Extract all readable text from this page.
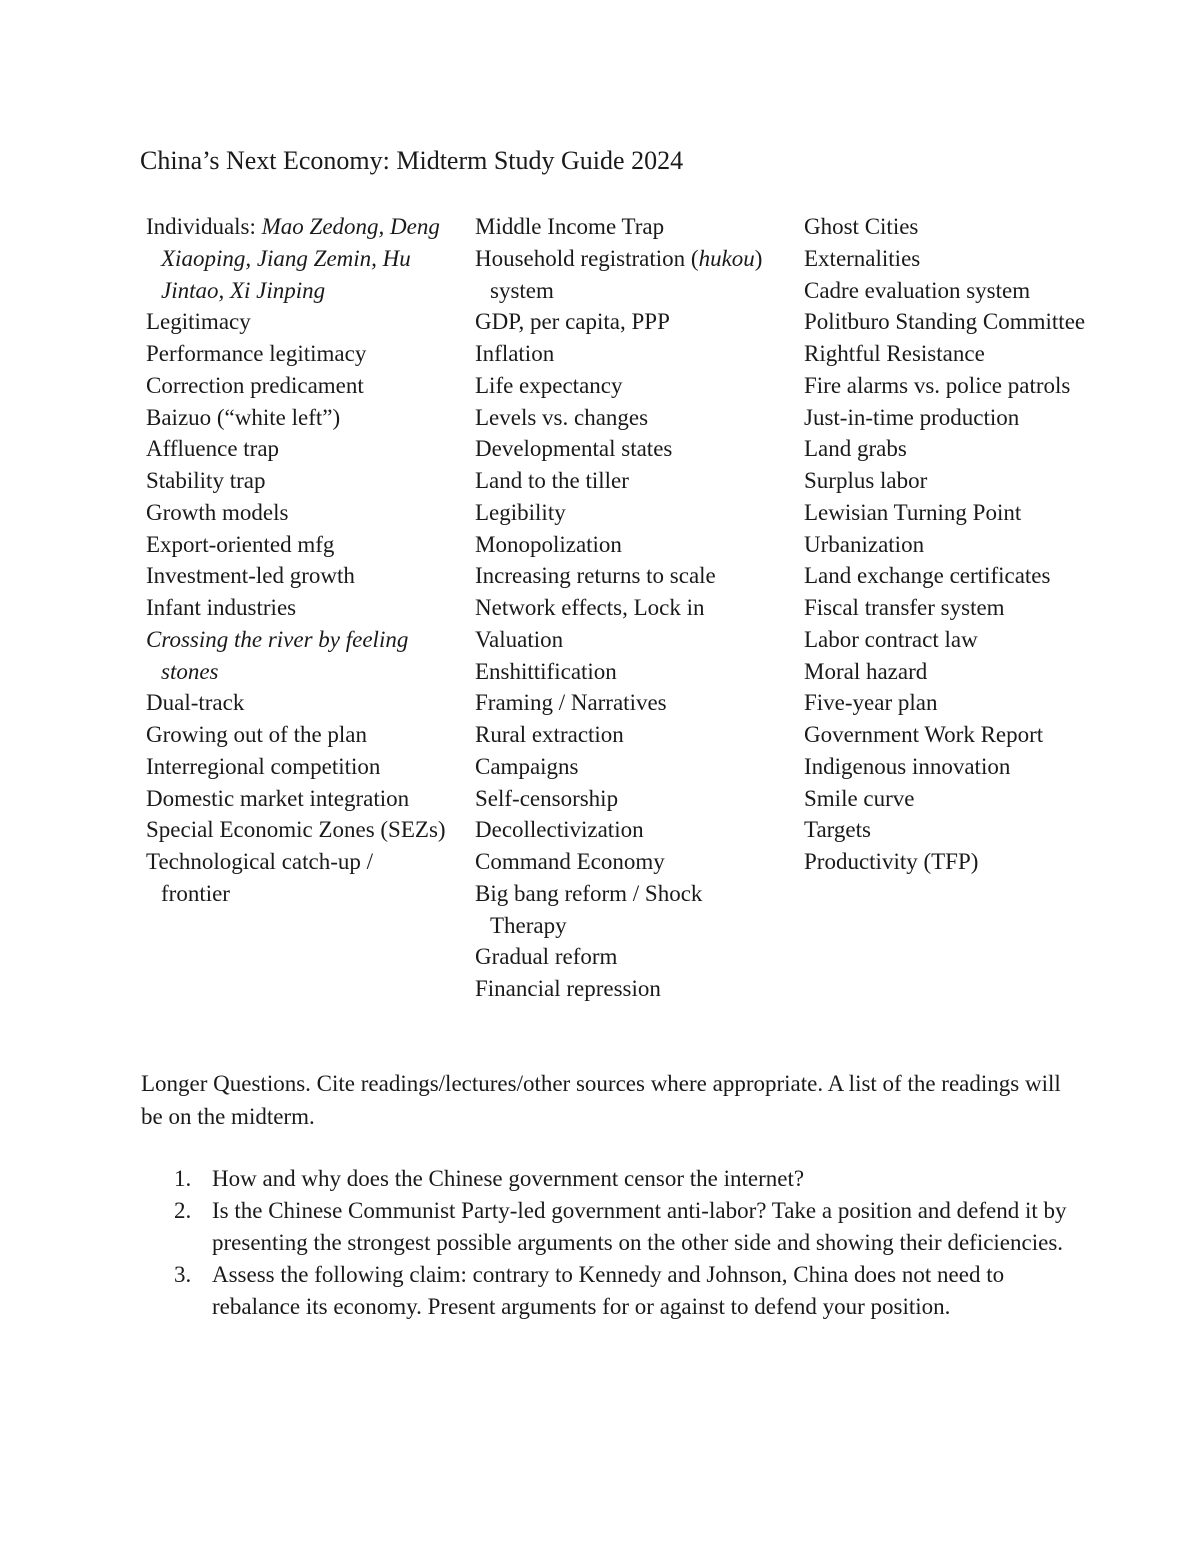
China’s Next Economy: Midterm Study Guide 2024
Individuals: Mao Zedong, Deng Xiaoping, Jiang Zemin, Hu Jintao, Xi Jinping
Legitimacy
Performance legitimacy
Correction predicament
Baizuo (“white left”)
Affluence trap
Stability trap
Growth models
Export-oriented mfg
Investment-led growth
Infant industries
Crossing the river by feeling stones
Dual-track
Growing out of the plan
Interregional competition
Domestic market integration
Special Economic Zones (SEZs)
Technological catch-up / frontier
Middle Income Trap
Household registration (hukou) system
GDP, per capita, PPP
Inflation
Life expectancy
Levels vs. changes
Developmental states
Land to the tiller
Legibility
Monopolization
Increasing returns to scale
Network effects, Lock in
Valuation
Enshittification
Framing / Narratives
Rural extraction
Campaigns
Self-censorship
Decollectivization
Command Economy
Big bang reform / Shock Therapy
Gradual reform
Financial repression
Ghost Cities
Externalities
Cadre evaluation system
Politburo Standing Committee
Rightful Resistance
Fire alarms vs. police patrols
Just-in-time production
Land grabs
Surplus labor
Lewisian Turning Point
Urbanization
Land exchange certificates
Fiscal transfer system
Labor contract law
Moral hazard
Five-year plan
Government Work Report
Indigenous innovation
Smile curve
Targets
Productivity (TFP)

Longer Questions. Cite readings/lectures/other sources where appropriate. A list of the readings will be on the midterm.

1. How and why does the Chinese government censor the internet?
2. Is the Chinese Communist Party-led government anti-labor? Take a position and defend it by presenting the strongest possible arguments on the other side and showing their deficiencies.
3. Assess the following claim: contrary to Kennedy and Johnson, China does not need to rebalance its economy. Present arguments for or against to defend your position.
